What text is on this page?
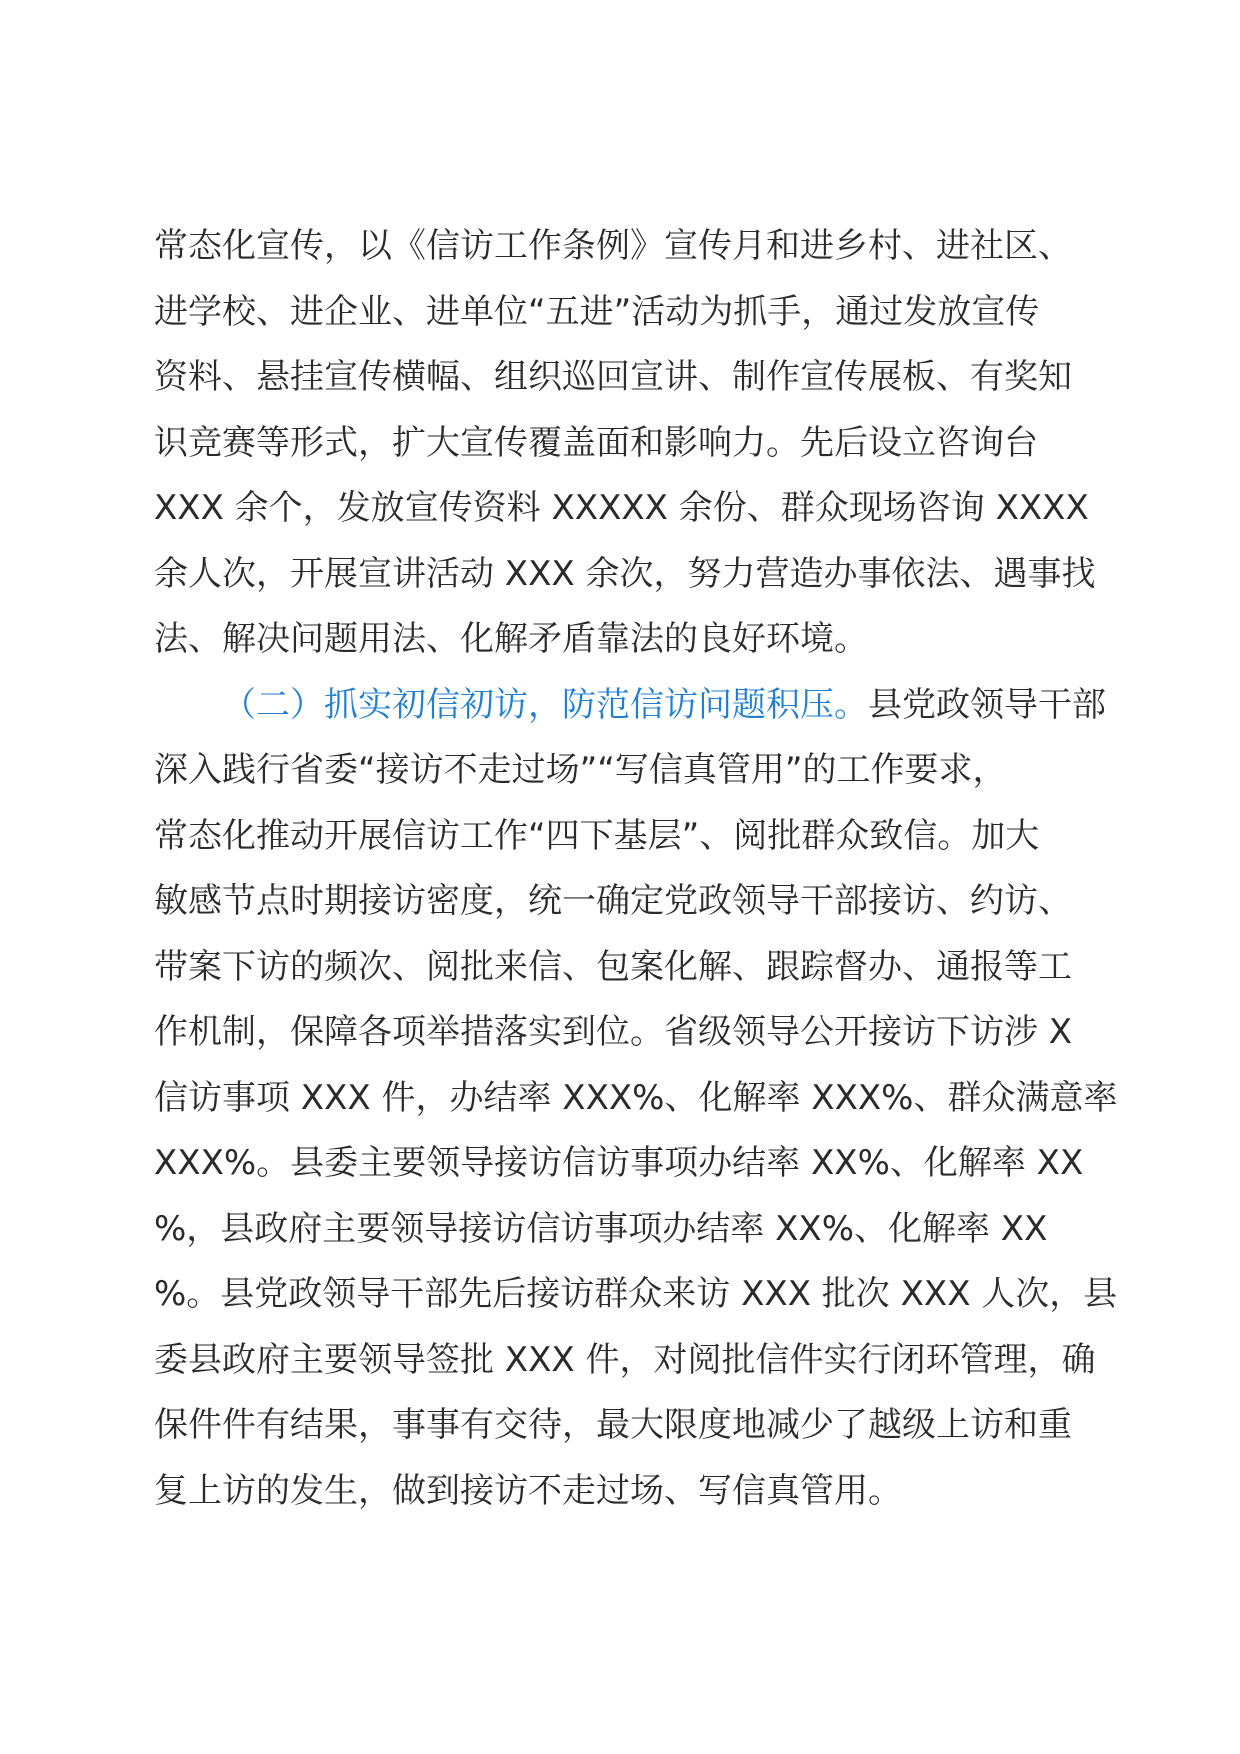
常态化宣传，以《信访工作条例》宣传月和进乡村、进社区、
进学校、进企业、进单位“五进”活动为抓手，通过发放宣传
资料、悬挂宣传横幅、组织巡回宣讲、制作宣传展板、有奖知
识竞赛等形式，扩大宣传覆盖面和影响力。先后设立咨询台
XXX 余个，发放宣传资料 XXXXX 余份、群众现场咨询 XXXX
余人次，开展宣讲活动 XXX 余次，努力营造办事依法、遇事找
法、解决问题用法、化解矛盾靠法的良好环境。
（二）抓实初信初访，防范信访问题积压。县党政领导干部
深入践行省委“接访不走过场”“写信真管用”的工作要求，
常态化推动开展信访工作“四下基层”、阅批群众致信。加大
敏感节点时期接访密度，统一确定党政领导干部接访、约访、
带案下访的频次、阅批来信、包案化解、跟踪督办、通报等工
作机制，保障各项举措落实到位。省级领导公开接访下访涉 X
信访事项 XXX 件，办结率 XXX%、化解率 XXX%、群众满意率
XXX%。县委主要领导接访信访事项办结率 XX%、化解率 XX
%，县政府主要领导接访信访事项办结率 XX%、化解率 XX
%。县党政领导干部先后接访群众来访 XXX 批次 XXX 人次，县
委县政府主要领导签批 XXX 件，对阅批信件实行闭环管理，确
保件件有结果，事事有交待，最大限度地减少了越级上访和重
复上访的发生，做到接访不走过场、写信真管用。
